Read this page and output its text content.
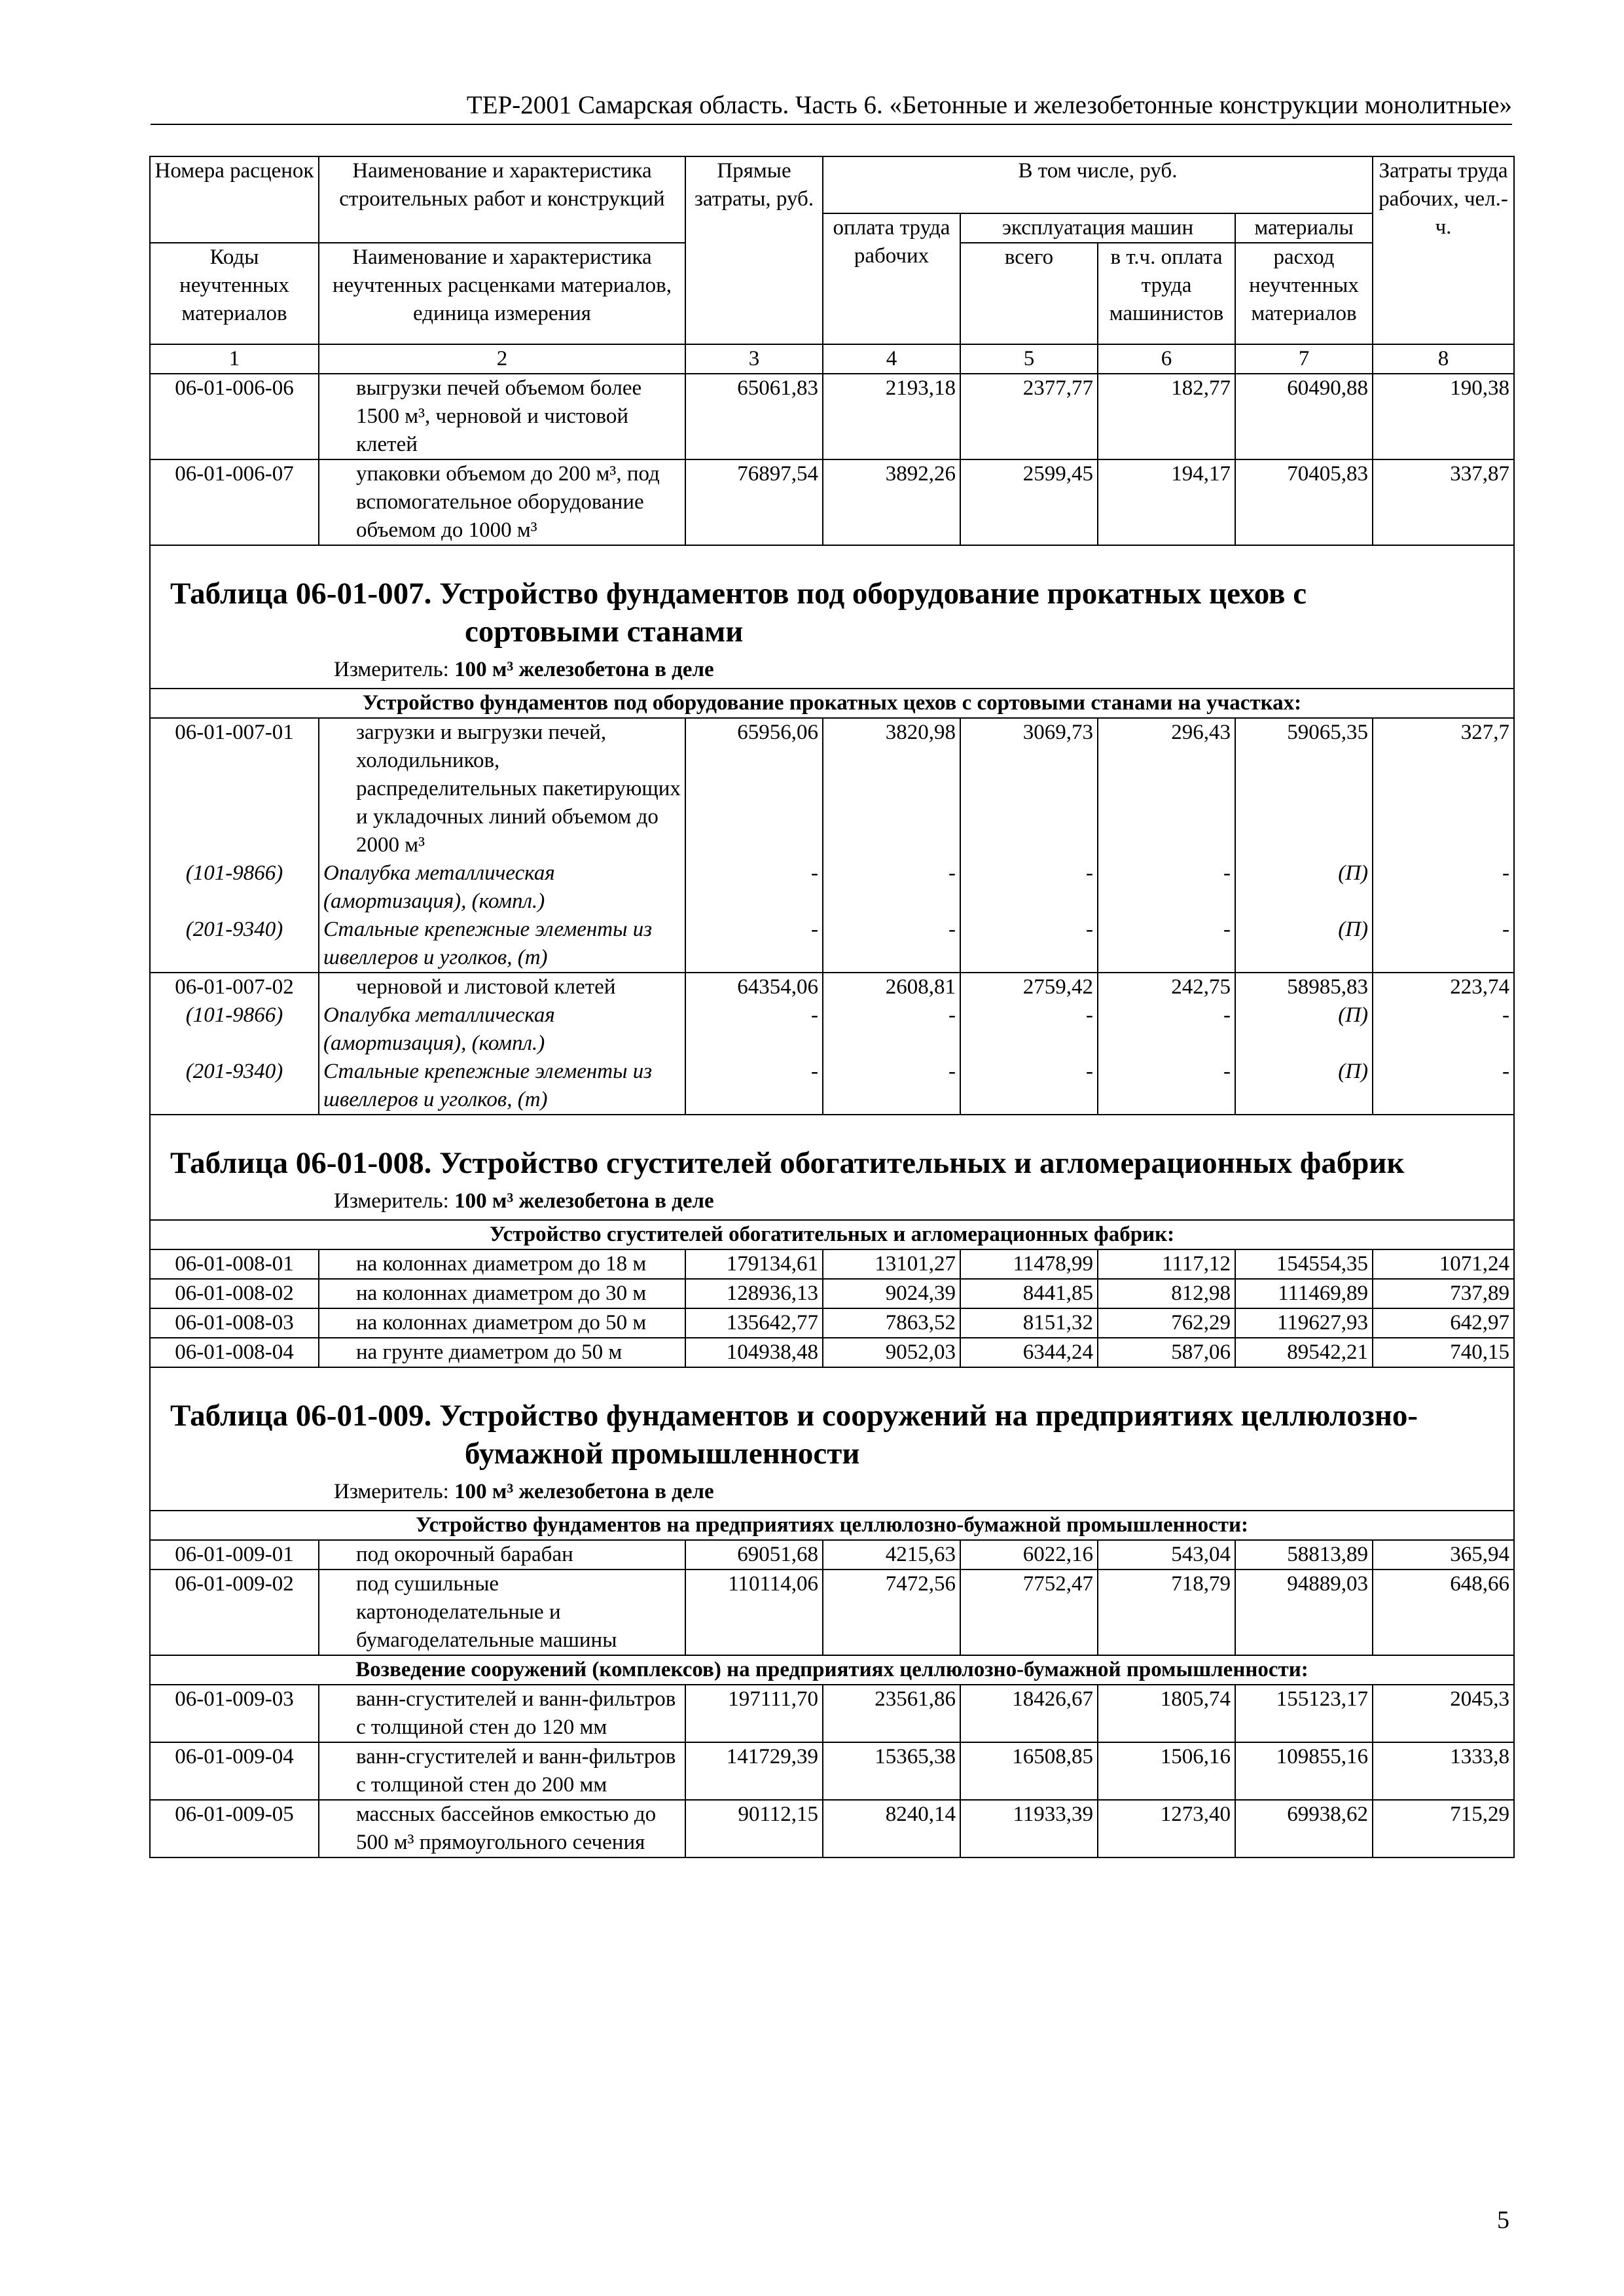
ТЕР-2001 Самарская область. Часть 6. «Бетонные и железобетонные конструкции монолитные»
Номера расценок	Наименование и характеристика строительных работ и конструкций	Прямые затраты, руб.	В том числе, руб.				Затраты труда рабочих, чел.-ч.
			оплата труда рабочих	эксплуатация машин		материалы	
Коды неучтенных материалов	Наименование и характеристика неучтенных расценками материалов, единица измерения			всего	в т.ч. оплата труда машинистов	расход неучтенных материалов	
1	2	3	4	5	6	7	8
06-01-006-06	выгрузки печей объемом более 1500 м³, черновой и чистовой клетей	65061,83	2193,18	2377,77	182,77	60490,88	190,38
06-01-006-07	упаковки объемом до 200 м³, под вспомогательное оборудование объемом до 1000 м³	76897,54	3892,26	2599,45	194,17	70405,83	337,87

Таблица 06-01-007. Устройство фундаментов под оборудование прокатных цехов с
сортовыми станами
Измеритель: 100 м³ железобетона в деле							

Устройство фундаментов под оборудование прокатных цехов с сортовыми станами на участках:							
06-01-007-01	загрузки и выгрузки печей, холодильников, распределительных пакетирующих и укладочных линий объемом до 2000 м³	65956,06	3820,98	3069,73	296,43	59065,35	327,7
(101-9866)	Опалубка металлическая (амортизация), (компл.)	-	-	-	-	(П)	-
(201-9340)	Стальные крепежные элементы из швеллеров и уголков, (т)	-	-	-	-	(П)	-
06-01-007-02	черновой и листовой клетей	64354,06	2608,81	2759,42	242,75	58985,83	223,74
(101-9866)	Опалубка металлическая (амортизация), (компл.)	-	-	-	-	(П)	-
(201-9340)	Стальные крепежные элементы из швеллеров и уголков, (т)	-	-	-	-	(П)	-

Таблица 06-01-008. Устройство сгустителей обогатительных и агломерационных фабрик
Измеритель: 100 м³ железобетона в деле							

Устройство сгустителей обогатительных и агломерационных фабрик:							
06-01-008-01	на колоннах диаметром до 18 м	179134,61	13101,27	11478,99	1117,12	154554,35	1071,24
06-01-008-02	на колоннах диаметром до 30 м	128936,13	9024,39	8441,85	812,98	111469,89	737,89
06-01-008-03	на колоннах диаметром до 50 м	135642,77	7863,52	8151,32	762,29	119627,93	642,97
06-01-008-04	на грунте диаметром до 50 м	104938,48	9052,03	6344,24	587,06	89542,21	740,15

Таблица 06-01-009. Устройство фундаментов и сооружений на предприятиях целлюлозно-
бумажной промышленности
Измеритель: 100 м³ железобетона в деле							

Устройство фундаментов на предприятиях целлюлозно-бумажной промышленности:							
06-01-009-01	под окорочный барабан	69051,68	4215,63	6022,16	543,04	58813,89	365,94
06-01-009-02	под сушильные картоноделательные и бумагоделательные машины	110114,06	7472,56	7752,47	718,79	94889,03	648,66
Возведение сооружений (комплексов) на предприятиях целлюлозно-бумажной промышленности:							
06-01-009-03	ванн-сгустителей и ванн-фильтров с толщиной стен до 120 мм	197111,70	23561,86	18426,67	1805,74	155123,17	2045,3
06-01-009-04	ванн-сгустителей и ванн-фильтров с толщиной стен до 200 мм	141729,39	15365,38	16508,85	1506,16	109855,16	1333,8
06-01-009-05	массных бассейнов емкостью до 500 м³ прямоугольного сечения	90112,15	8240,14	11933,39	1273,40	69938,62	715,29
5
